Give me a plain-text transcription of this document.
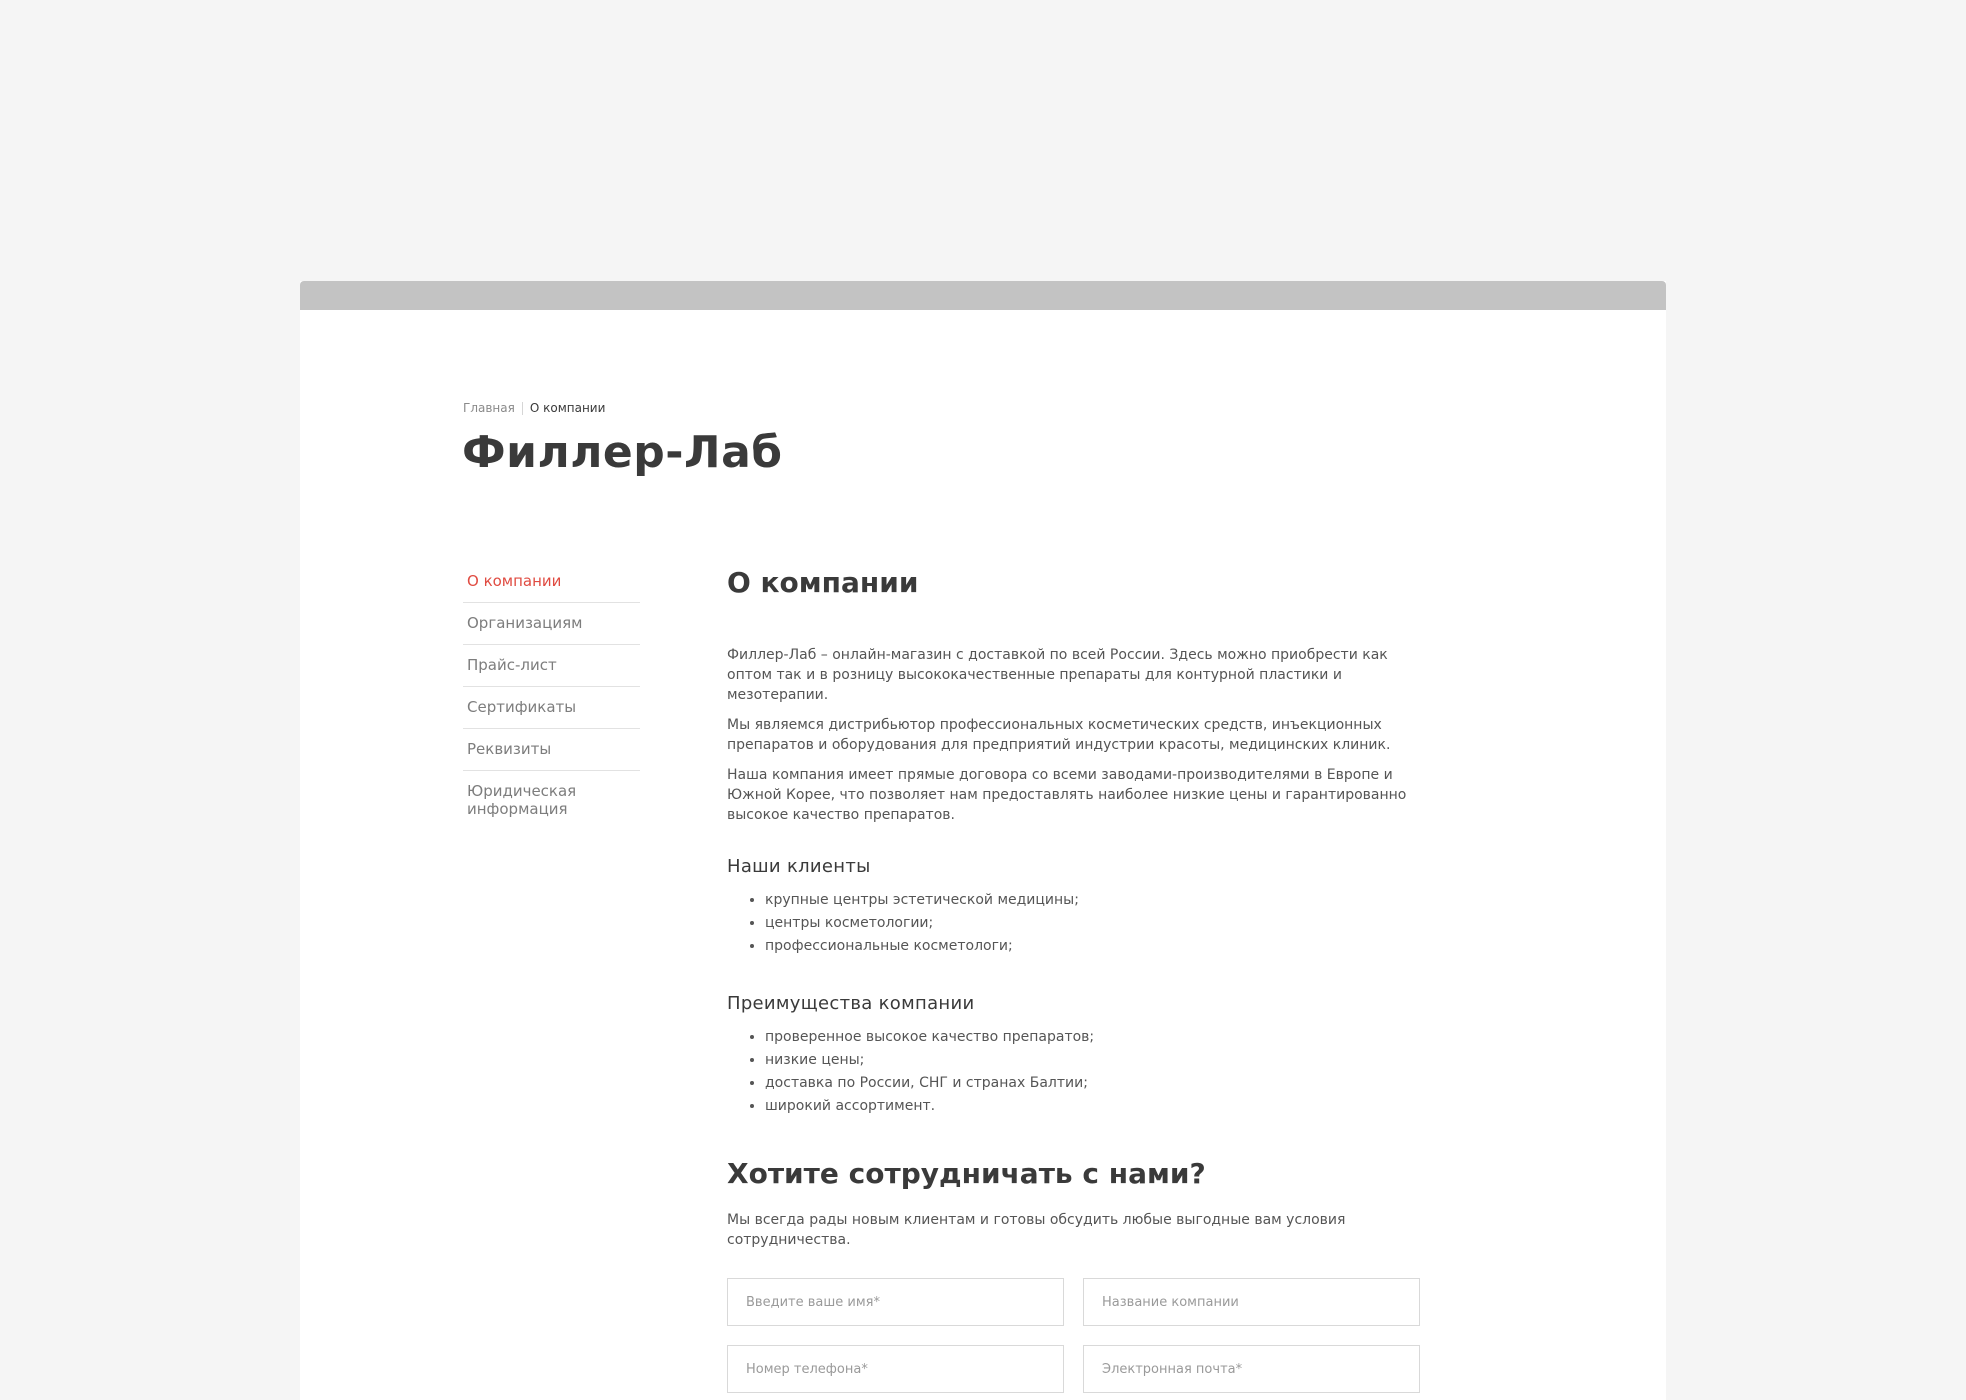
Главная О компании
Филлер-Лаб
О компании
Организациям
Прайс-лист
Сертификаты
Реквизиты
Юридическая информация
О компании

Филлер-Лаб – онлайн-магазин с доставкой по всей России. Здесь можно приобрести как оптом так и в розницу высококачественные препараты для контурной пластики и мезотерапии.

Мы являемся дистрибьютор профессиональных косметических средств, инъекционных препаратов и оборудования для предприятий индустрии красоты, медицинских клиник.

Наша компания имеет прямые договора со всеми заводами-производителями в Европе и Южной Корее, что позволяет нам предоставлять наиболее низкие цены и гарантированно высокое качество препаратов.

Наши клиенты
• крупные центры эстетической медицины;
• центры косметологии;
• профессиональные косметологи;
Преимущества компании
• проверенное высокое качество препаратов;
• низкие цены;
• доставка по России, СНГ и странах Балтии;
• широкий ассортимент.
Хотите сотрудничать с нами?

Мы всегда рады новым клиентам и готовы обсудить любые выгодные вам условия сотрудничества.

Введите ваше имя*
Название компании
Номер телефона*
Электронная почта*
